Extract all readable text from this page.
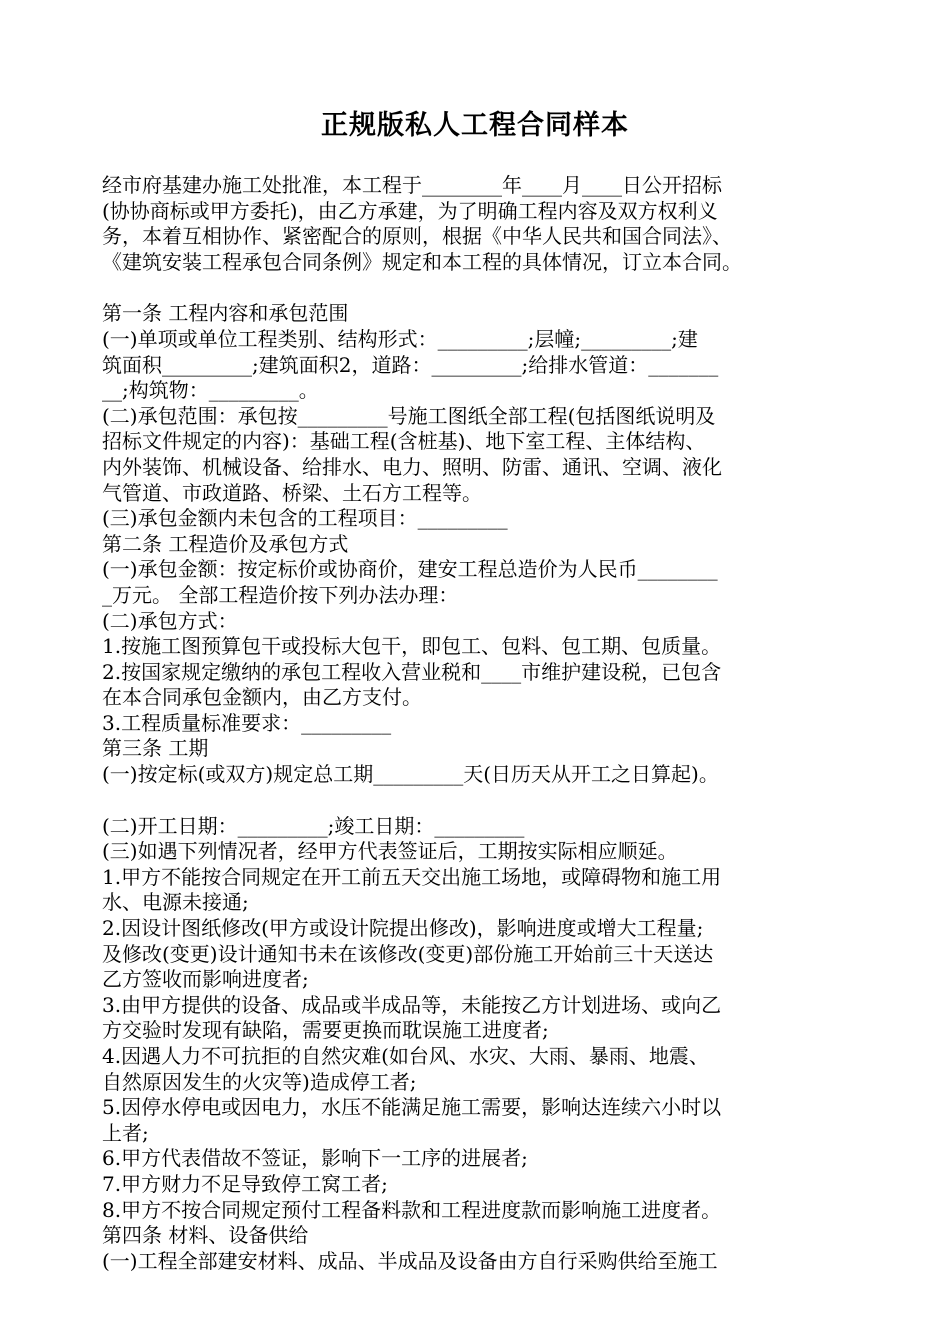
正规版私人工程合同样本

经市府基建办施工处批准，本工程于________年____月____日公开招标

(协协商标或甲方委托)，由乙方承建，为了明确工程内容及双方权利义

务，本着互相协作、紧密配合的原则，根据《中华人民共和国合同法》、

《建筑安装工程承包合同条例》规定和本工程的具体情况，订立本合同。

第一条 工程内容和承包范围

(一)单项或单位工程类别、结构形式：_________;层幢;_________;建

筑面积_________;建筑面积2，道路：_________;给排水管道：_______

__;构筑物：_________。

(二)承包范围：承包按_________号施工图纸全部工程(包括图纸说明及

招标文件规定的内容)：基础工程(含桩基)、地下室工程、主体结构、

内外装饰、机械设备、给排水、电力、照明、防雷、通讯、空调、液化

气管道、市政道路、桥梁、土石方工程等。

(三)承包金额内未包含的工程项目：_________

第二条 工程造价及承包方式

(一)承包金额：按定标价或协商价，建安工程总造价为人民币________

_万元。 全部工程造价按下列办法办理：

(二)承包方式：

1.按施工图预算包干或投标大包干，即包工、包料、包工期、包质量。

2.按国家规定缴纳的承包工程收入营业税和____市维护建设税，已包含

在本合同承包金额内，由乙方支付。

3.工程质量标准要求：_________

第三条 工期

(一)按定标(或双方)规定总工期_________天(日历天从开工之日算起)。

(二)开工日期：_________;竣工日期：_________

(三)如遇下列情况者，经甲方代表签证后，工期按实际相应顺延。

1.甲方不能按合同规定在开工前五天交出施工场地，或障碍物和施工用

水、电源未接通;

2.因设计图纸修改(甲方或设计院提出修改)，影响进度或增大工程量;

及修改(变更)设计通知书未在该修改(变更)部份施工开始前三十天送达

乙方签收而影响进度者;

3.由甲方提供的设备、成品或半成品等，未能按乙方计划进场、或向乙

方交验时发现有缺陷，需要更换而耽误施工进度者;

4.因遇人力不可抗拒的自然灾难(如台风、水灾、大雨、暴雨、地震、

自然原因发生的火灾等)造成停工者;

5.因停水停电或因电力，水压不能满足施工需要，影响达连续六小时以

上者;

6.甲方代表借故不签证，影响下一工序的进展者;

7.甲方财力不足导致停工窝工者;

8.甲方不按合同规定预付工程备料款和工程进度款而影响施工进度者。

第四条 材料、设备供给

(一)工程全部建安材料、成品、半成品及设备由方自行采购供给至施工
